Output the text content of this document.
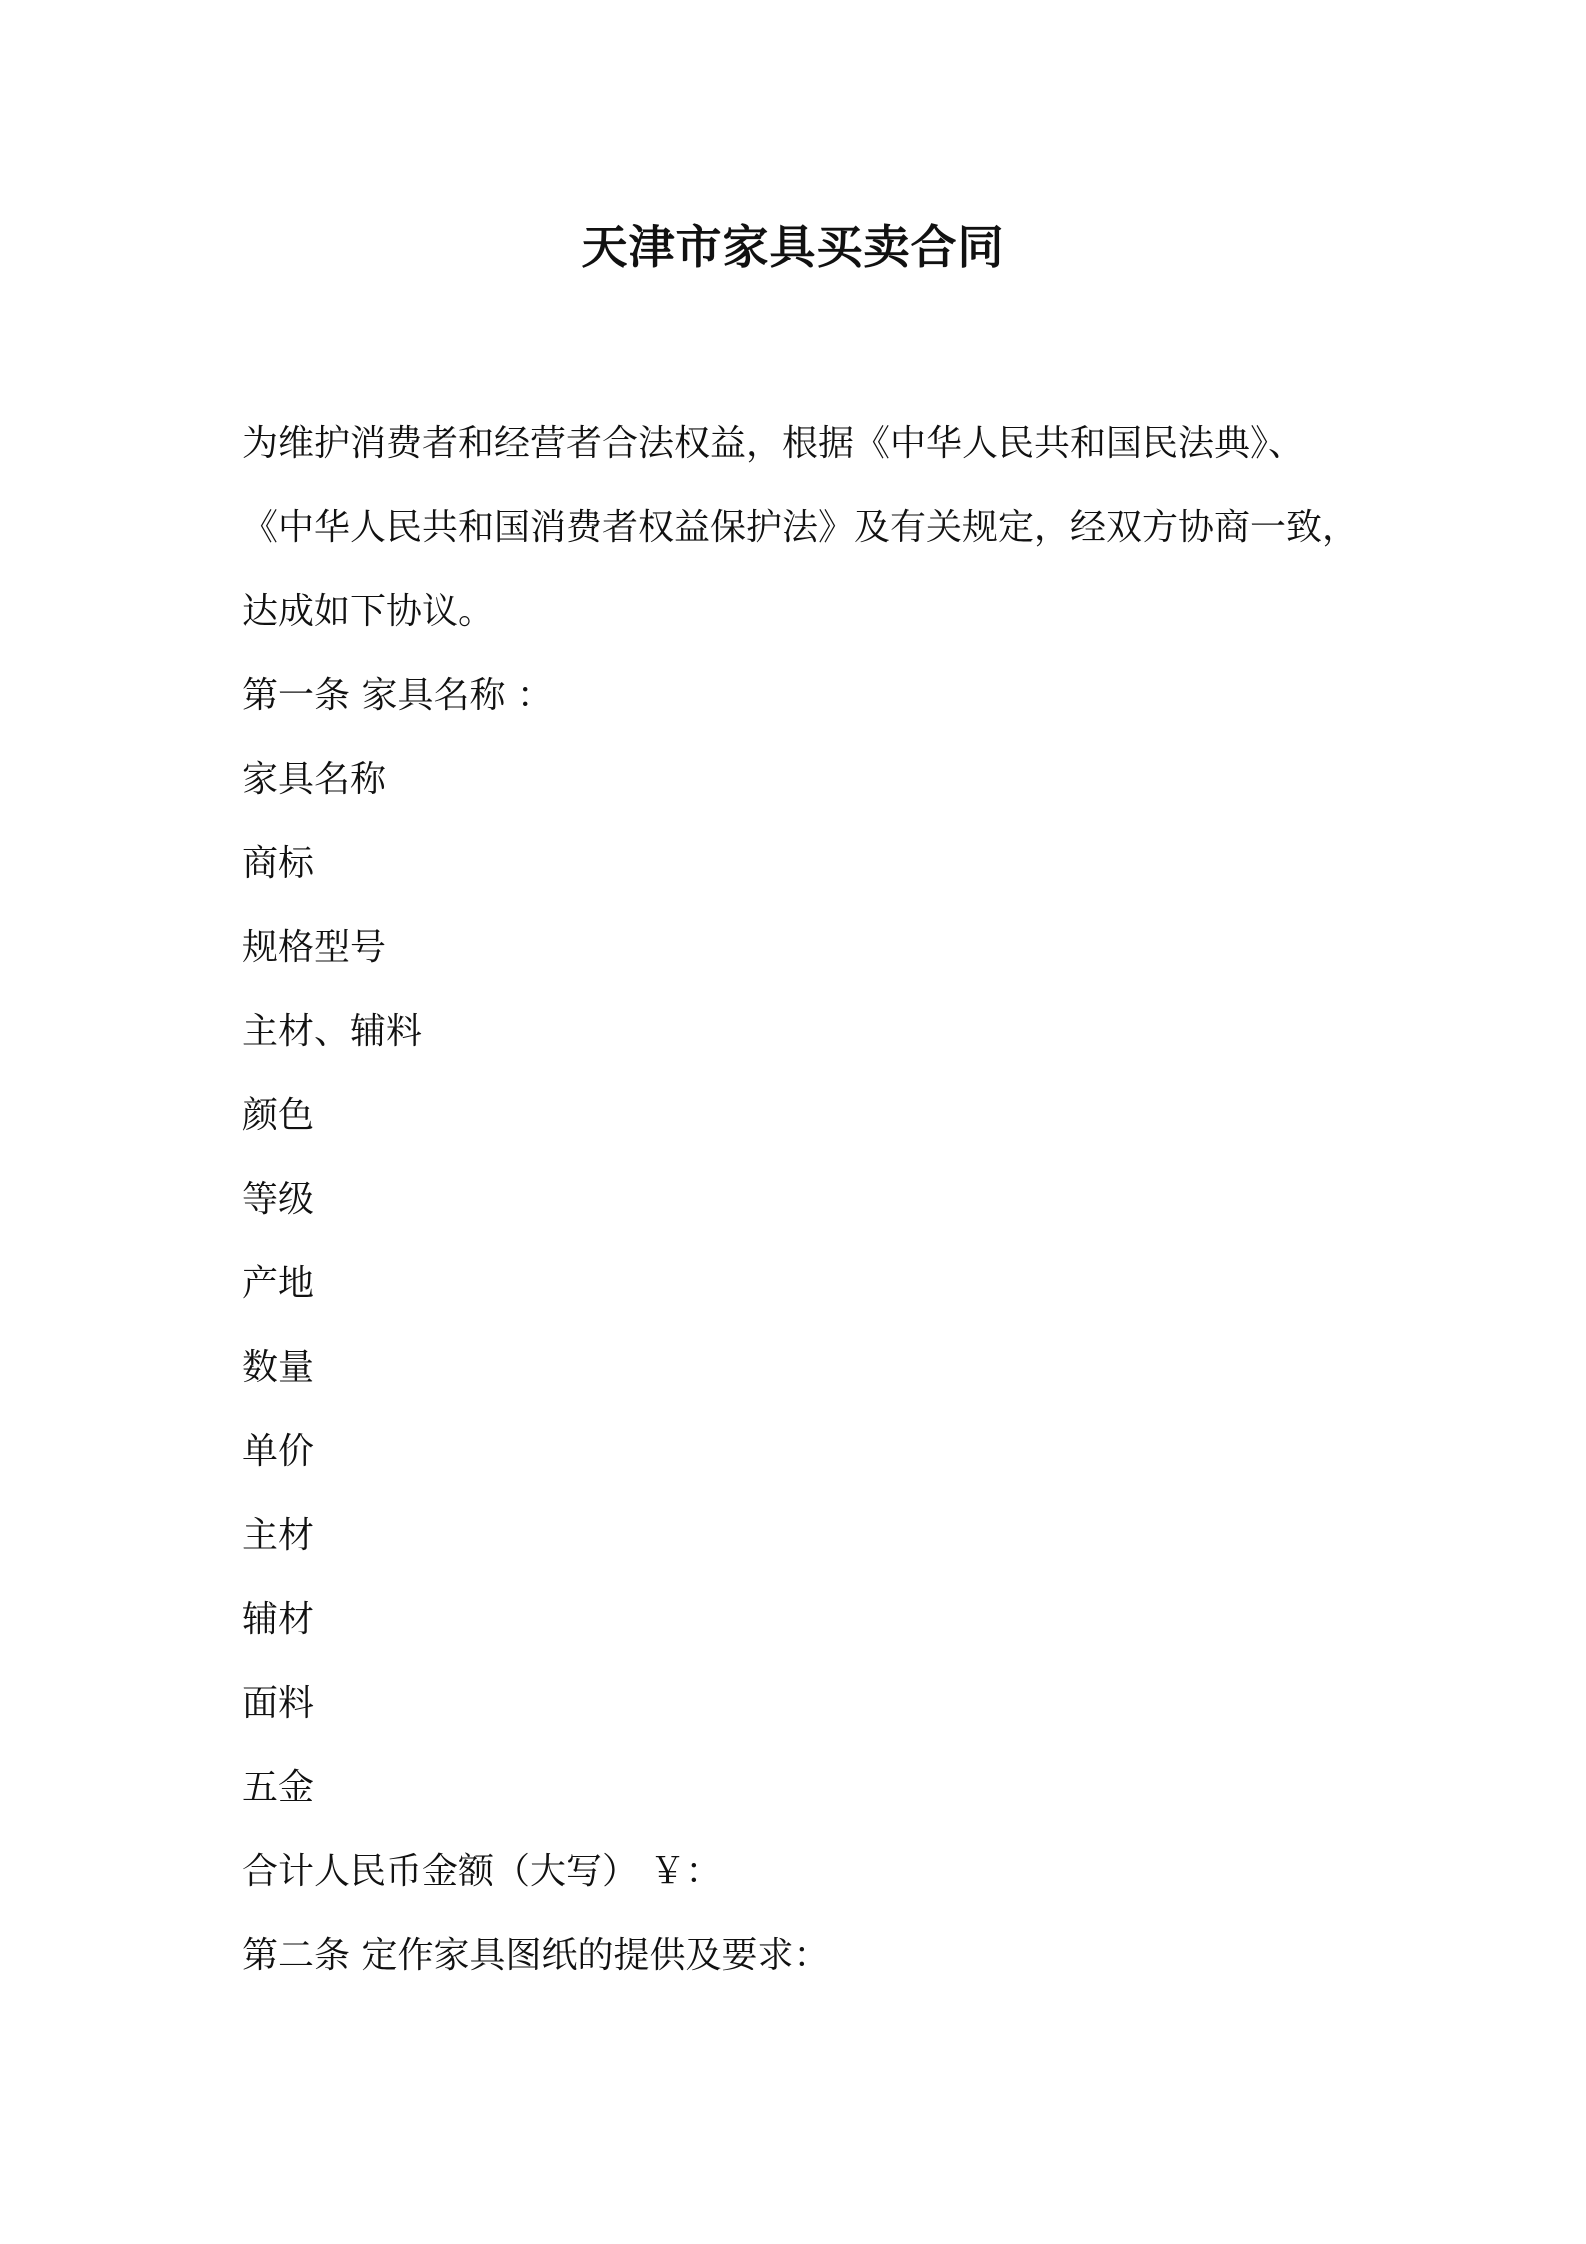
天津市家具买卖合同

为维护消费者和经营者合法权益，根据《中华人民共和国民法典》、

《中华人民共和国消费者权益保护法》及有关规定，经双方协商一致，

达成如下协议。

第一条 家具名称 ：

家具名称

商标

规格型号

主材、辅料

颜色

等级

产地

数量

单价

主材

辅材

面料

五金

合计人民币金额（大写） ￥：

第二条 定作家具图纸的提供及要求：
